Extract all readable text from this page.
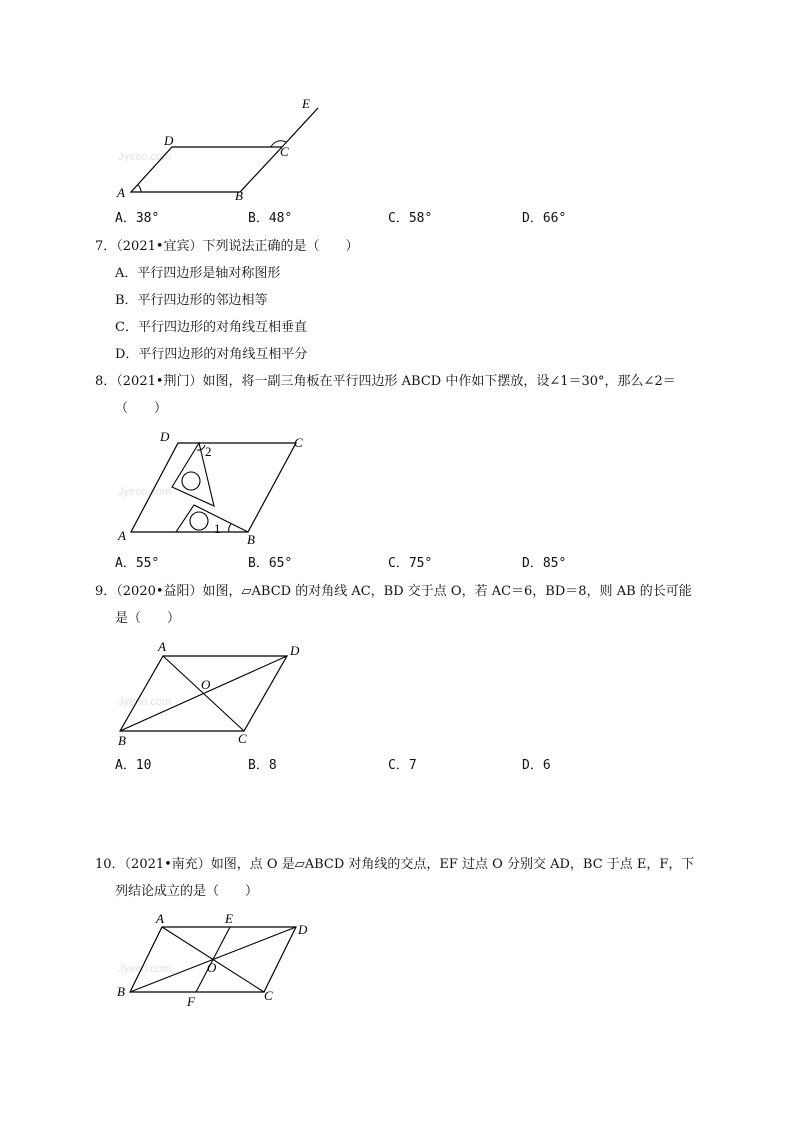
Jyeoo.com
E
D
C
A	B
A．38°	B．48°	C．58°	D．66°
7．（2021•宜宾）下列说法正确的是（　　）
A．平行四边形是轴对称图形
B．平行四边形的邻边相等
C．平行四边形的对角线互相垂直
D．平行四边形的对角线互相平分
8．（2021•荆门）如图，将一副三角板在平行四边形 ABCD 中作如下摆放，设∠1＝30°，那么∠2＝
（　　）
Jyeoo.com
D	C
A	B
1
2
A．55°	B．65°	C．75°	D．85°
9．（2020•益阳）如图，▱ABCD 的对角线 AC，BD 交于点 O，若 AC＝6，BD＝8，则 AB 的长可能
是（　　）
Jyeoo.com
A	D
O
B	C
A．10	B．8	C．7	D．6
10．（2021•南充）如图，点 O 是▱ABCD 对角线的交点，EF 过点 O 分别交 AD，BC 于点 E，F，下
列结论成立的是（　　）
Jyeoo.com
A	E
D
O
B
F	C
